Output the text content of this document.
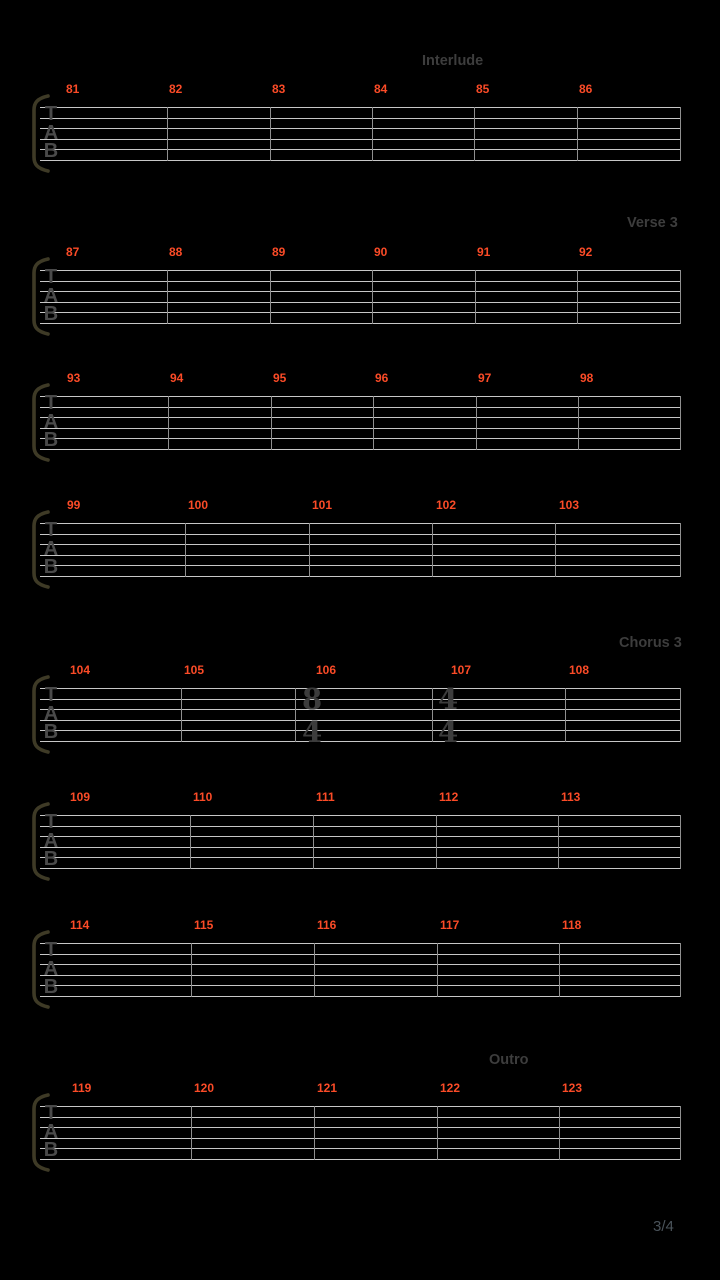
Interlude
T
A
B
81	82	83	84	85	86
Verse 3
T
A
B
87	88	89	90	91	92
T
A
B
93	94	95	96	97	98
T
A
B
99	100	101	102	103
Chorus 3
T
A
B
104	105	106	107	108
8
4
4
4
T
A
B
109	110	111	112	113
T
A
B
114	115	116	117	118
Outro
T
A
B
119	120	121	122	123
3/4
